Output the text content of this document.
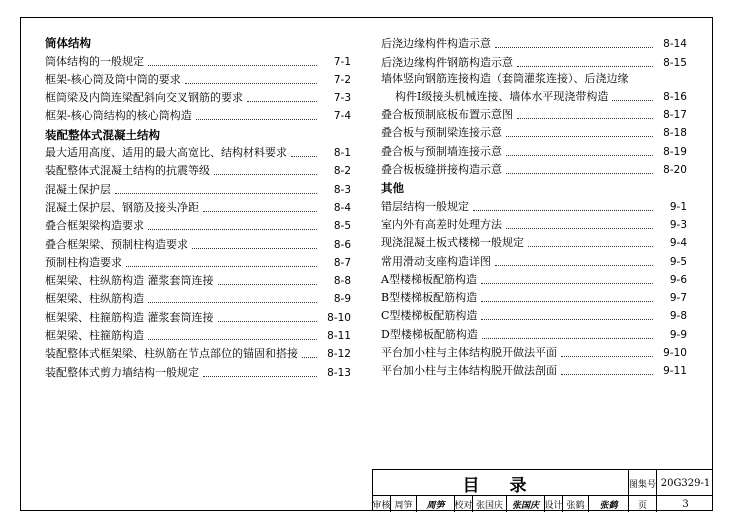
筒体结构
筒体结构的一般规定	7-1
框架-核心筒及筒中筒的要求	7-2
框筒梁及内筒连梁配斜向交叉钢筋的要求	7-3
框架-核心筒结构的核心筒构造	7-4
装配整体式混凝土结构
最大适用高度、适用的最大高宽比、结构材料要求	8-1
装配整体式混凝土结构的抗震等级	8-2
混凝土保护层	8-3
混凝土保护层、钢筋及接头净距	8-4
叠合框架梁构造要求	8-5
叠合框架梁、预制柱构造要求	8-6
预制柱构造要求	8-7
框架梁、柱纵筋构造 灌浆套筒连接	8-8
框架梁、柱纵筋构造	8-9
框架梁、柱箍筋构造 灌浆套筒连接	8-10
框架梁、柱箍筋构造	8-11
装配整体式框架梁、柱纵筋在节点部位的锚固和搭接	8-12
装配整体式剪力墙结构一般规定	8-13
后浇边缘构件构造示意	8-14
后浇边缘构件钢筋构造示意	8-15
墙体竖向钢筋连接构造（套筒灌浆连接）、后浇边缘
构件Ⅰ级接头机械连接、墙体水平现浇带构造	8-16
叠合板预制底板布置示意图	8-17
叠合板与预制梁连接示意	8-18
叠合板与预制墙连接示意	8-19
叠合板板缝拼接构造示意	8-20
其他
错层结构一般规定	9-1
室内外有高差时处理方法	9-3
现浇混凝土板式楼梯一般规定	9-4
常用滑动支座构造详图	9-5
A型楼梯板配筋构造	9-6
B型楼梯板配筋构造	9-7
C型楼梯板配筋构造	9-8
D型楼梯板配筋构造	9-9
平台加小柱与主体结构脱开做法平面	9-10
平台加小柱与主体结构脱开做法剖面	9-11
目 录	图集号 20G329-1
审核 周笋	周笋	校对 张国庆 张国庆 设计 张鹤	张鹤	页	3
